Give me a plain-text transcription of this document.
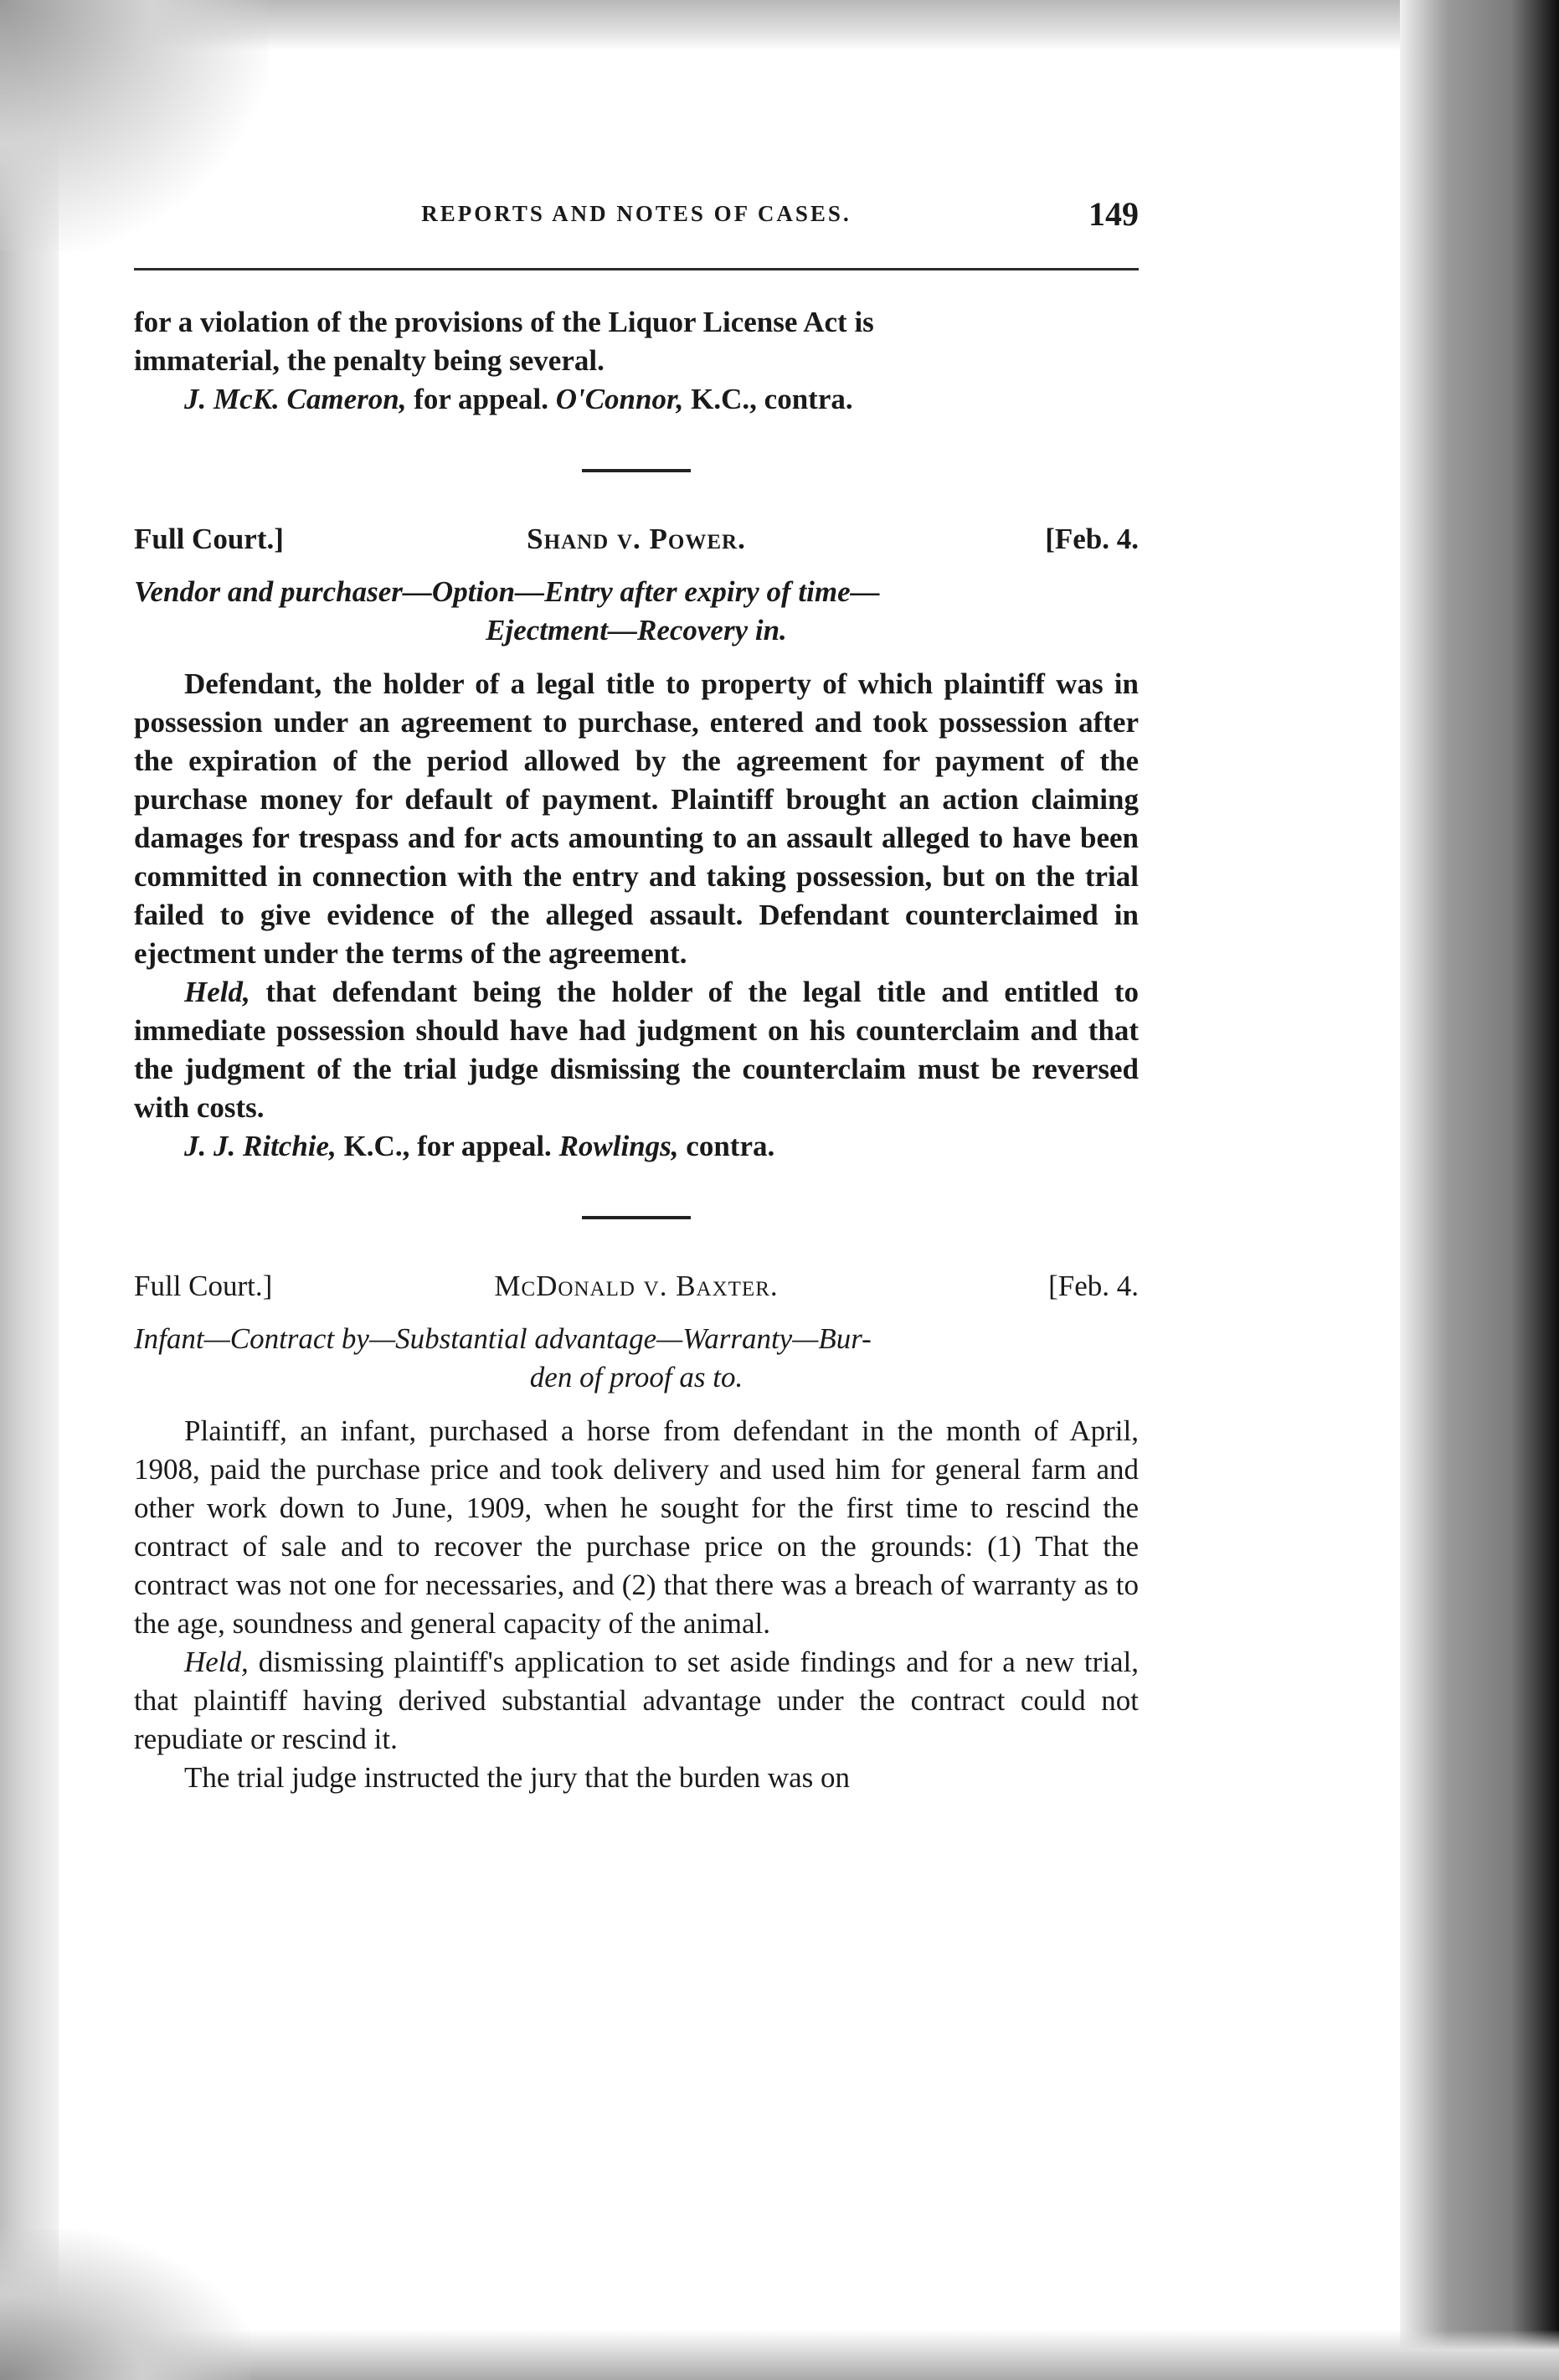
REPORTS AND NOTES OF CASES.	149

for a violation of the provisions of the Liquor License Act is

immaterial, the penalty being several.

J. McK. Cameron, for appeal. O'Connor, K.C., contra.

Full Court.]	Shand v. Power.	[Feb. 4.
Vendor and purchaser—Option—Entry after expiry of time—
Ejectment—Recovery in.

Defendant, the holder of a legal title to property of which plaintiff was in possession under an agreement to purchase, entered and took possession after the expiration of the period allowed by the agreement for payment of the purchase money for default of payment. Plaintiff brought an action claiming damages for trespass and for acts amounting to an assault alleged to have been committed in connection with the entry and taking possession, but on the trial failed to give evidence of the alleged assault. Defendant counterclaimed in ejectment under the terms of the agreement.

Held, that defendant being the holder of the legal title and entitled to immediate possession should have had judgment on his counterclaim and that the judgment of the trial judge dismissing the counterclaim must be reversed with costs.

J. J. Ritchie, K.C., for appeal. Rowlings, contra.

Full Court.]	McDonald v. Baxter.	[Feb. 4.
Infant—Contract by—Substantial advantage—Warranty—Bur-
den of proof as to.

Plaintiff, an infant, purchased a horse from defendant in the month of April, 1908, paid the purchase price and took delivery and used him for general farm and other work down to June, 1909, when he sought for the first time to rescind the contract of sale and to recover the purchase price on the grounds: (1) That the contract was not one for necessaries, and (2) that there was a breach of warranty as to the age, soundness and general capacity of the animal.

Held, dismissing plaintiff's application to set aside findings and for a new trial, that plaintiff having derived substantial advantage under the contract could not repudiate or rescind it.

The trial judge instructed the jury that the burden was on
